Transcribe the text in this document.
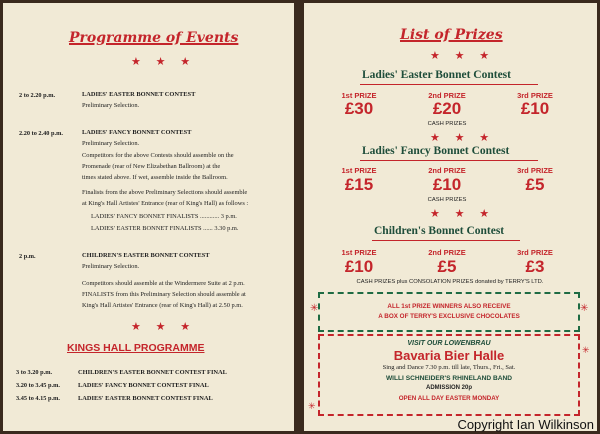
Programme of Events
★ ★ ★
2 to 2.20 p.m.	LADIES' EASTER BONNET CONTEST
Preliminary Selection.
2.20 to 2.40 p.m.	LADIES' FANCY BONNET CONTEST
Preliminary Selection.
Competitors for the above Contests should assemble on the
Promenade (rear of New Elizabethan Ballroom) at the
times stated above. If wet, assemble inside the Ballroom.
Finalists from the above Preliminary Selections should assemble
at King's Hall Artistes' Entrance (rear of King's Hall) as follows :
LADIES' FANCY BONNET FINALISTS ............ 3 p.m.
LADIES' EASTER BONNET FINALISTS ...... 3.30 p.m.
2 p.m.	CHILDREN'S EASTER BONNET CONTEST
Preliminary Selection.
Competitors should assemble at the Windermere Suite at 2 p.m.
FINALISTS from this Preliminary Selection should assemble at
King's Hall Artistes' Entrance (rear of King's Hall) at 2.50 p.m.
★ ★ ★
KINGS HALL PROGRAMME
3 to 3.20 p.m.	CHILDREN'S EASTER BONNET CONTEST FINAL
3.20 to 3.45 p.m.	LADIES' FANCY BONNET CONTEST FINAL
3.45 to 4.15 p.m.	LADIES' EASTER BONNET CONTEST FINAL
List of Prizes
★ ★ ★
Ladies' Easter Bonnet Contest
1st PRIZE	2nd PRIZE	3rd PRIZE
£30	£20	£10
CASH PRIZES
★ ★ ★
Ladies' Fancy Bonnet Contest
1st PRIZE	2nd PRIZE	3rd PRIZE
£15	£10	£5
CASH PRIZES
★ ★ ★
Children's Bonnet Contest
1st PRIZE	2nd PRIZE	3rd PRIZE
£10	£5	£3
CASH PRIZES plus CONSOLATION PRIZES donated by TERRY'S LTD.
ALL 1st PRIZE WINNERS ALSO RECEIVE
A BOX OF TERRY'S EXCLUSIVE CHOCOLATES
✳	✳
VISIT OUR LOWENBRAU
Bavaria Bier Halle
Sing and Dance 7.30 p.m. till late, Thurs., Fri., Sat.
WILLI SCHNEIDER'S RHINELAND BAND
ADMISSION 20p
OPEN ALL DAY EASTER MONDAY
✳
✳
Copyright Ian Wilkinson
